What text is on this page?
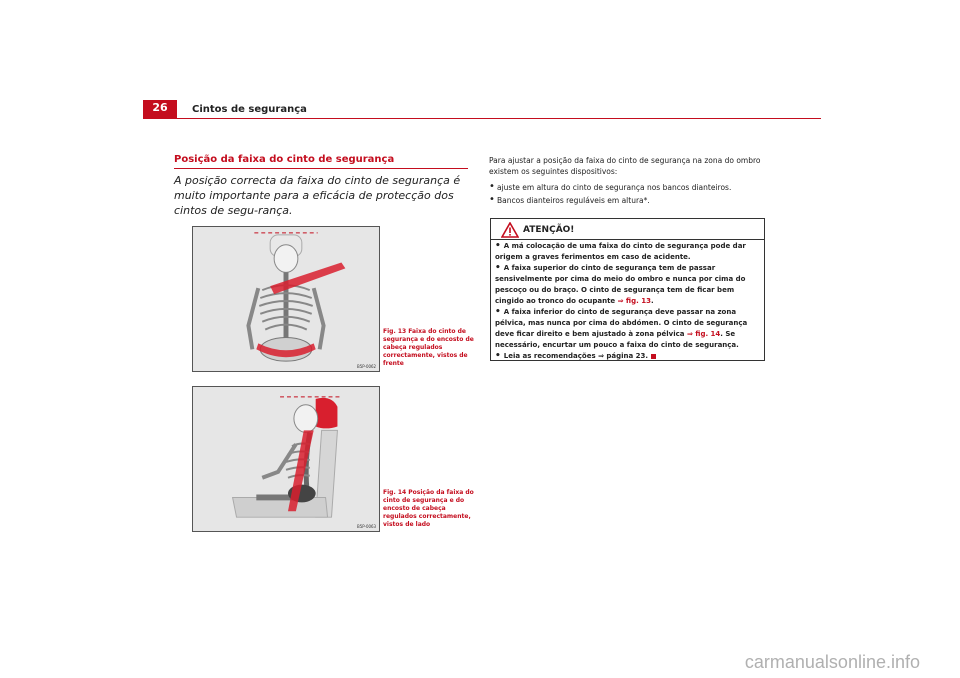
26	Cintos de segurança
Posição da faixa do cinto de segurança
A posição correcta da faixa do cinto de segurança é muito importante para a eficácia de protecção dos cintos de segu-rança.
B5P-0062
Fig. 13 Faixa do cinto de segurança e do encosto de cabeça regulados correctamente, vistos de frente
B5P-0063
Fig. 14 Posição da faixa do cinto de segurança e do encosto de cabeça regulados correctamente, vistos de lado
Para ajustar a posição da faixa do cinto de segurança na zona do ombro existem os seguintes dispositivos:
• ajuste em altura do cinto de segurança nos bancos dianteiros.
• Bancos dianteiros reguláveis em altura*.
ATENÇÃO!
• A má colocação de uma faixa do cinto de segurança pode dar origem a graves ferimentos em caso de acidente.
• A faixa superior do cinto de segurança tem de passar sensivelmente por cima do meio do ombro e nunca por cima do pescoço ou do braço. O cinto de segurança tem de ficar bem cingido ao tronco do ocupante ⇒ fig. 13.
• A faixa inferior do cinto de segurança deve passar na zona pélvica, mas nunca por cima do abdómen. O cinto de segurança deve ficar direito e bem ajustado à zona pélvica ⇒ fig. 14. Se necessário, encurtar um pouco a faixa do cinto de segurança.
• Leia as recomendações ⇒ página 23.
carmanualsonline.info
